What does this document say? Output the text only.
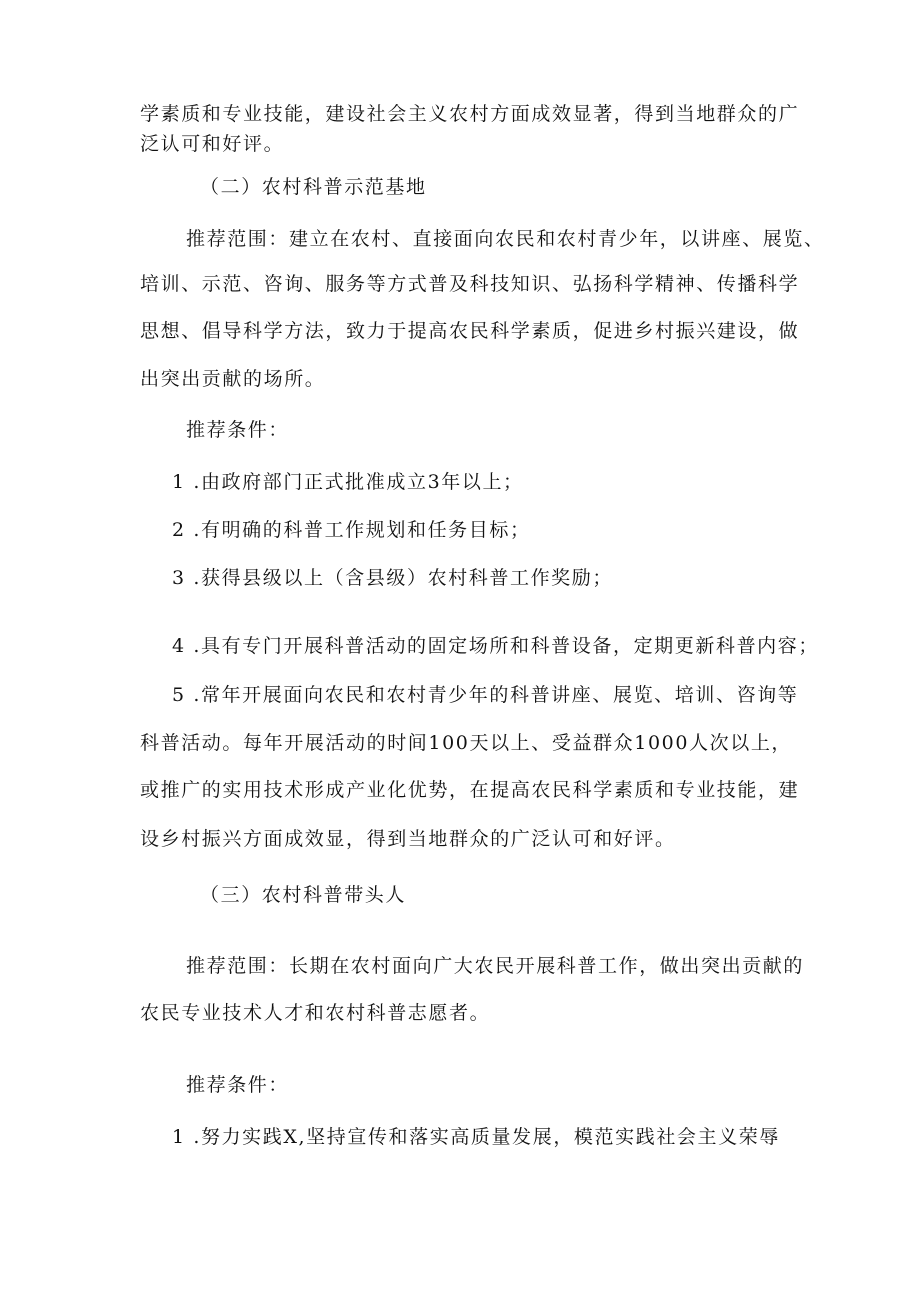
学素质和专业技能，建设社会主义农村方面成效显著，得到当地群众的广
泛认可和好评。
（二）农村科普示范基地
推荐范围：建立在农村、直接面向农民和农村青少年，以讲座、展览、
培训、示范、咨询、服务等方式普及科技知识、弘扬科学精神、传播科学
思想、倡导科学方法，致力于提高农民科学素质，促进乡村振兴建设，做
出突出贡献的场所。
推荐条件：
1 .由政府部门正式批准成立3年以上；
2 .有明确的科普工作规划和任务目标；
3 .获得县级以上（含县级）农村科普工作奖励；
4 .具有专门开展科普活动的固定场所和科普设备，定期更新科普内容；
5 .常年开展面向农民和农村青少年的科普讲座、展览、培训、咨询等
科普活动。每年开展活动的时间100天以上、受益群众1000人次以上，
或推广的实用技术形成产业化优势，在提高农民科学素质和专业技能，建
设乡村振兴方面成效显，得到当地群众的广泛认可和好评。
（三）农村科普带头人
推荐范围：长期在农村面向广大农民开展科普工作，做出突出贡献的
农民专业技术人才和农村科普志愿者。
推荐条件：
1 .努力实践X,坚持宣传和落实高质量发展，模范实践社会主义荣辱
